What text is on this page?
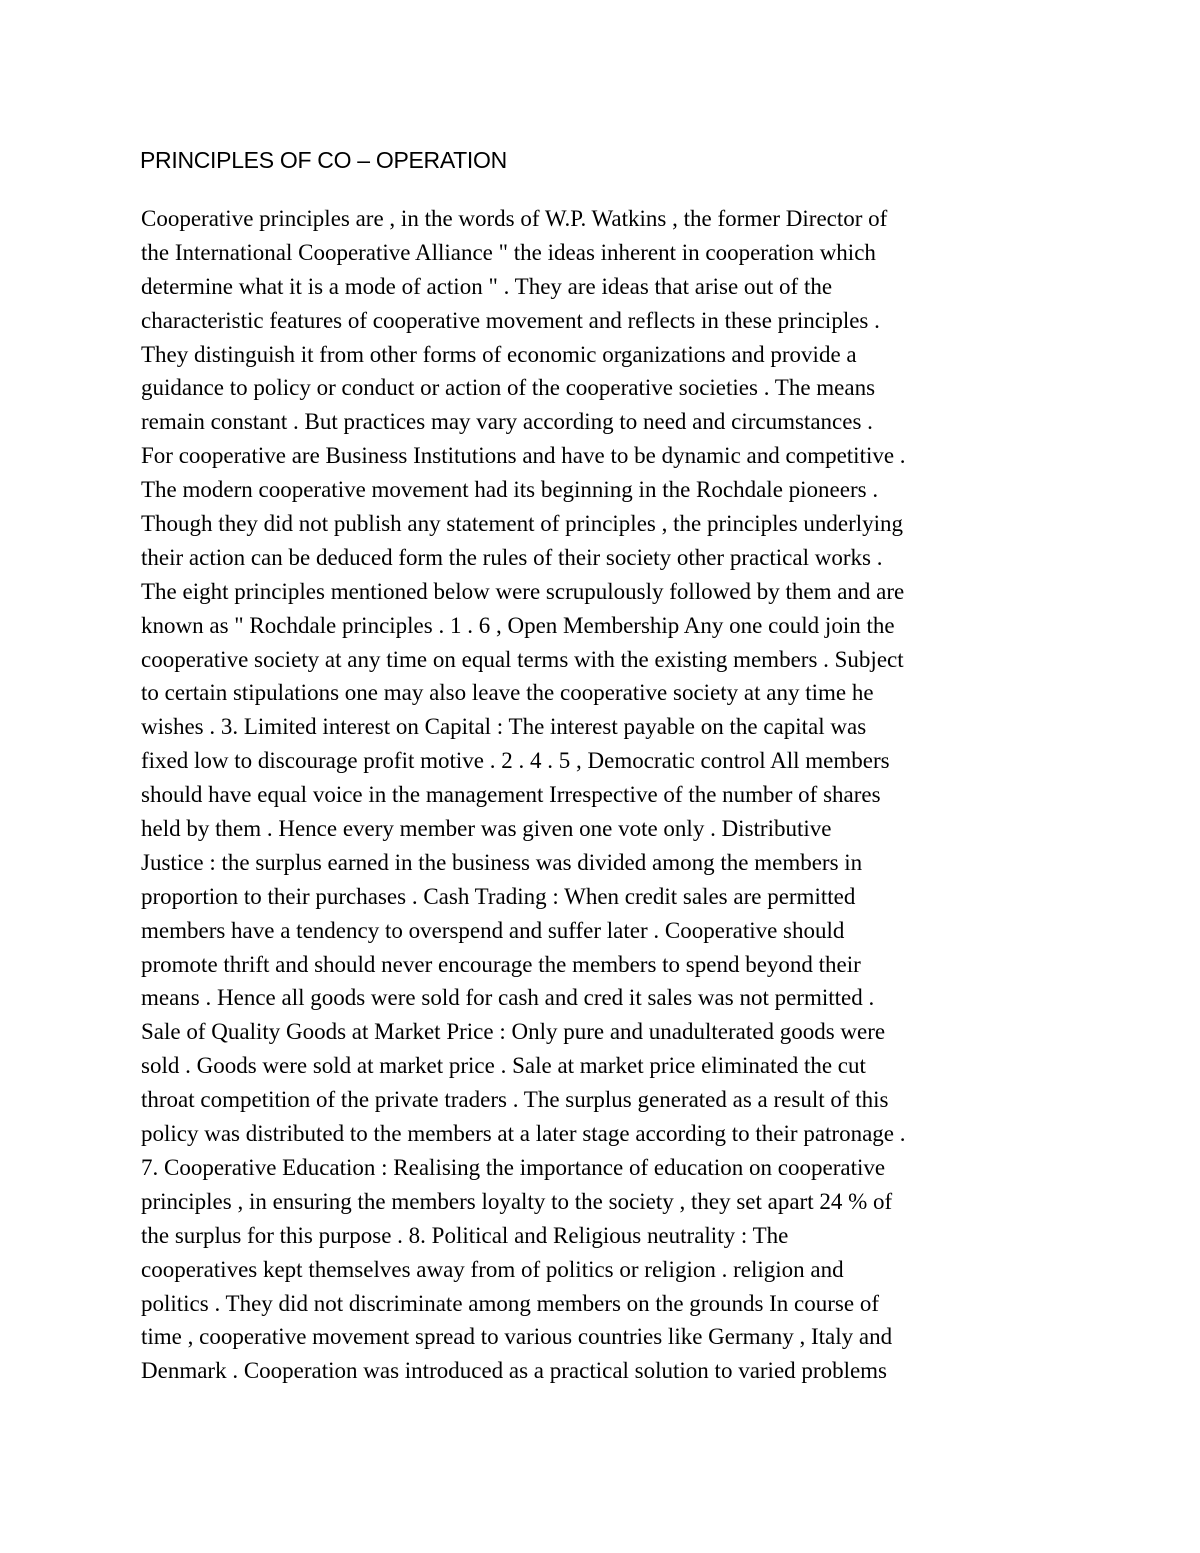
PRINCIPLES OF CO – OPERATION
Cooperative principles are , in the words of W.P. Watkins , the former Director of
the International Cooperative Alliance " the ideas inherent in cooperation which
determine what it is a mode of action " . They are ideas that arise out of the
characteristic features of cooperative movement and reflects in these principles .
They distinguish it from other forms of economic organizations and provide a
guidance to policy or conduct or action of the cooperative societies . The means
remain constant . But practices may vary according to need and circumstances .
For cooperative are Business Institutions and have to be dynamic and competitive .
The modern cooperative movement had its beginning in the Rochdale pioneers .
Though they did not publish any statement of principles , the principles underlying
their action can be deduced form the rules of their society other practical works .
The eight principles mentioned below were scrupulously followed by them and are
known as " Rochdale principles . 1 . 6 , Open Membership Any one could join the
cooperative society at any time on equal terms with the existing members . Subject
to certain stipulations one may also leave the cooperative society at any time he
wishes . 3. Limited interest on Capital : The interest payable on the capital was
fixed low to discourage profit motive . 2 . 4 . 5 , Democratic control All members
should have equal voice in the management Irrespective of the number of shares
held by them . Hence every member was given one vote only . Distributive
Justice : the surplus earned in the business was divided among the members in
proportion to their purchases . Cash Trading : When credit sales are permitted
members have a tendency to overspend and suffer later . Cooperative should
promote thrift and should never encourage the members to spend beyond their
means . Hence all goods were sold for cash and cred it sales was not permitted .
Sale of Quality Goods at Market Price : Only pure and unadulterated goods were
sold . Goods were sold at market price . Sale at market price eliminated the cut
throat competition of the private traders . The surplus generated as a result of this
policy was distributed to the members at a later stage according to their patronage .
7. Cooperative Education : Realising the importance of education on cooperative
principles , in ensuring the members loyalty to the society , they set apart 24 % of
the surplus for this purpose . 8. Political and Religious neutrality : The
cooperatives kept themselves away from of politics or religion . religion and
politics . They did not discriminate among members on the grounds In course of
time , cooperative movement spread to various countries like Germany , Italy and
Denmark . Cooperation was introduced as a practical solution to varied problems
